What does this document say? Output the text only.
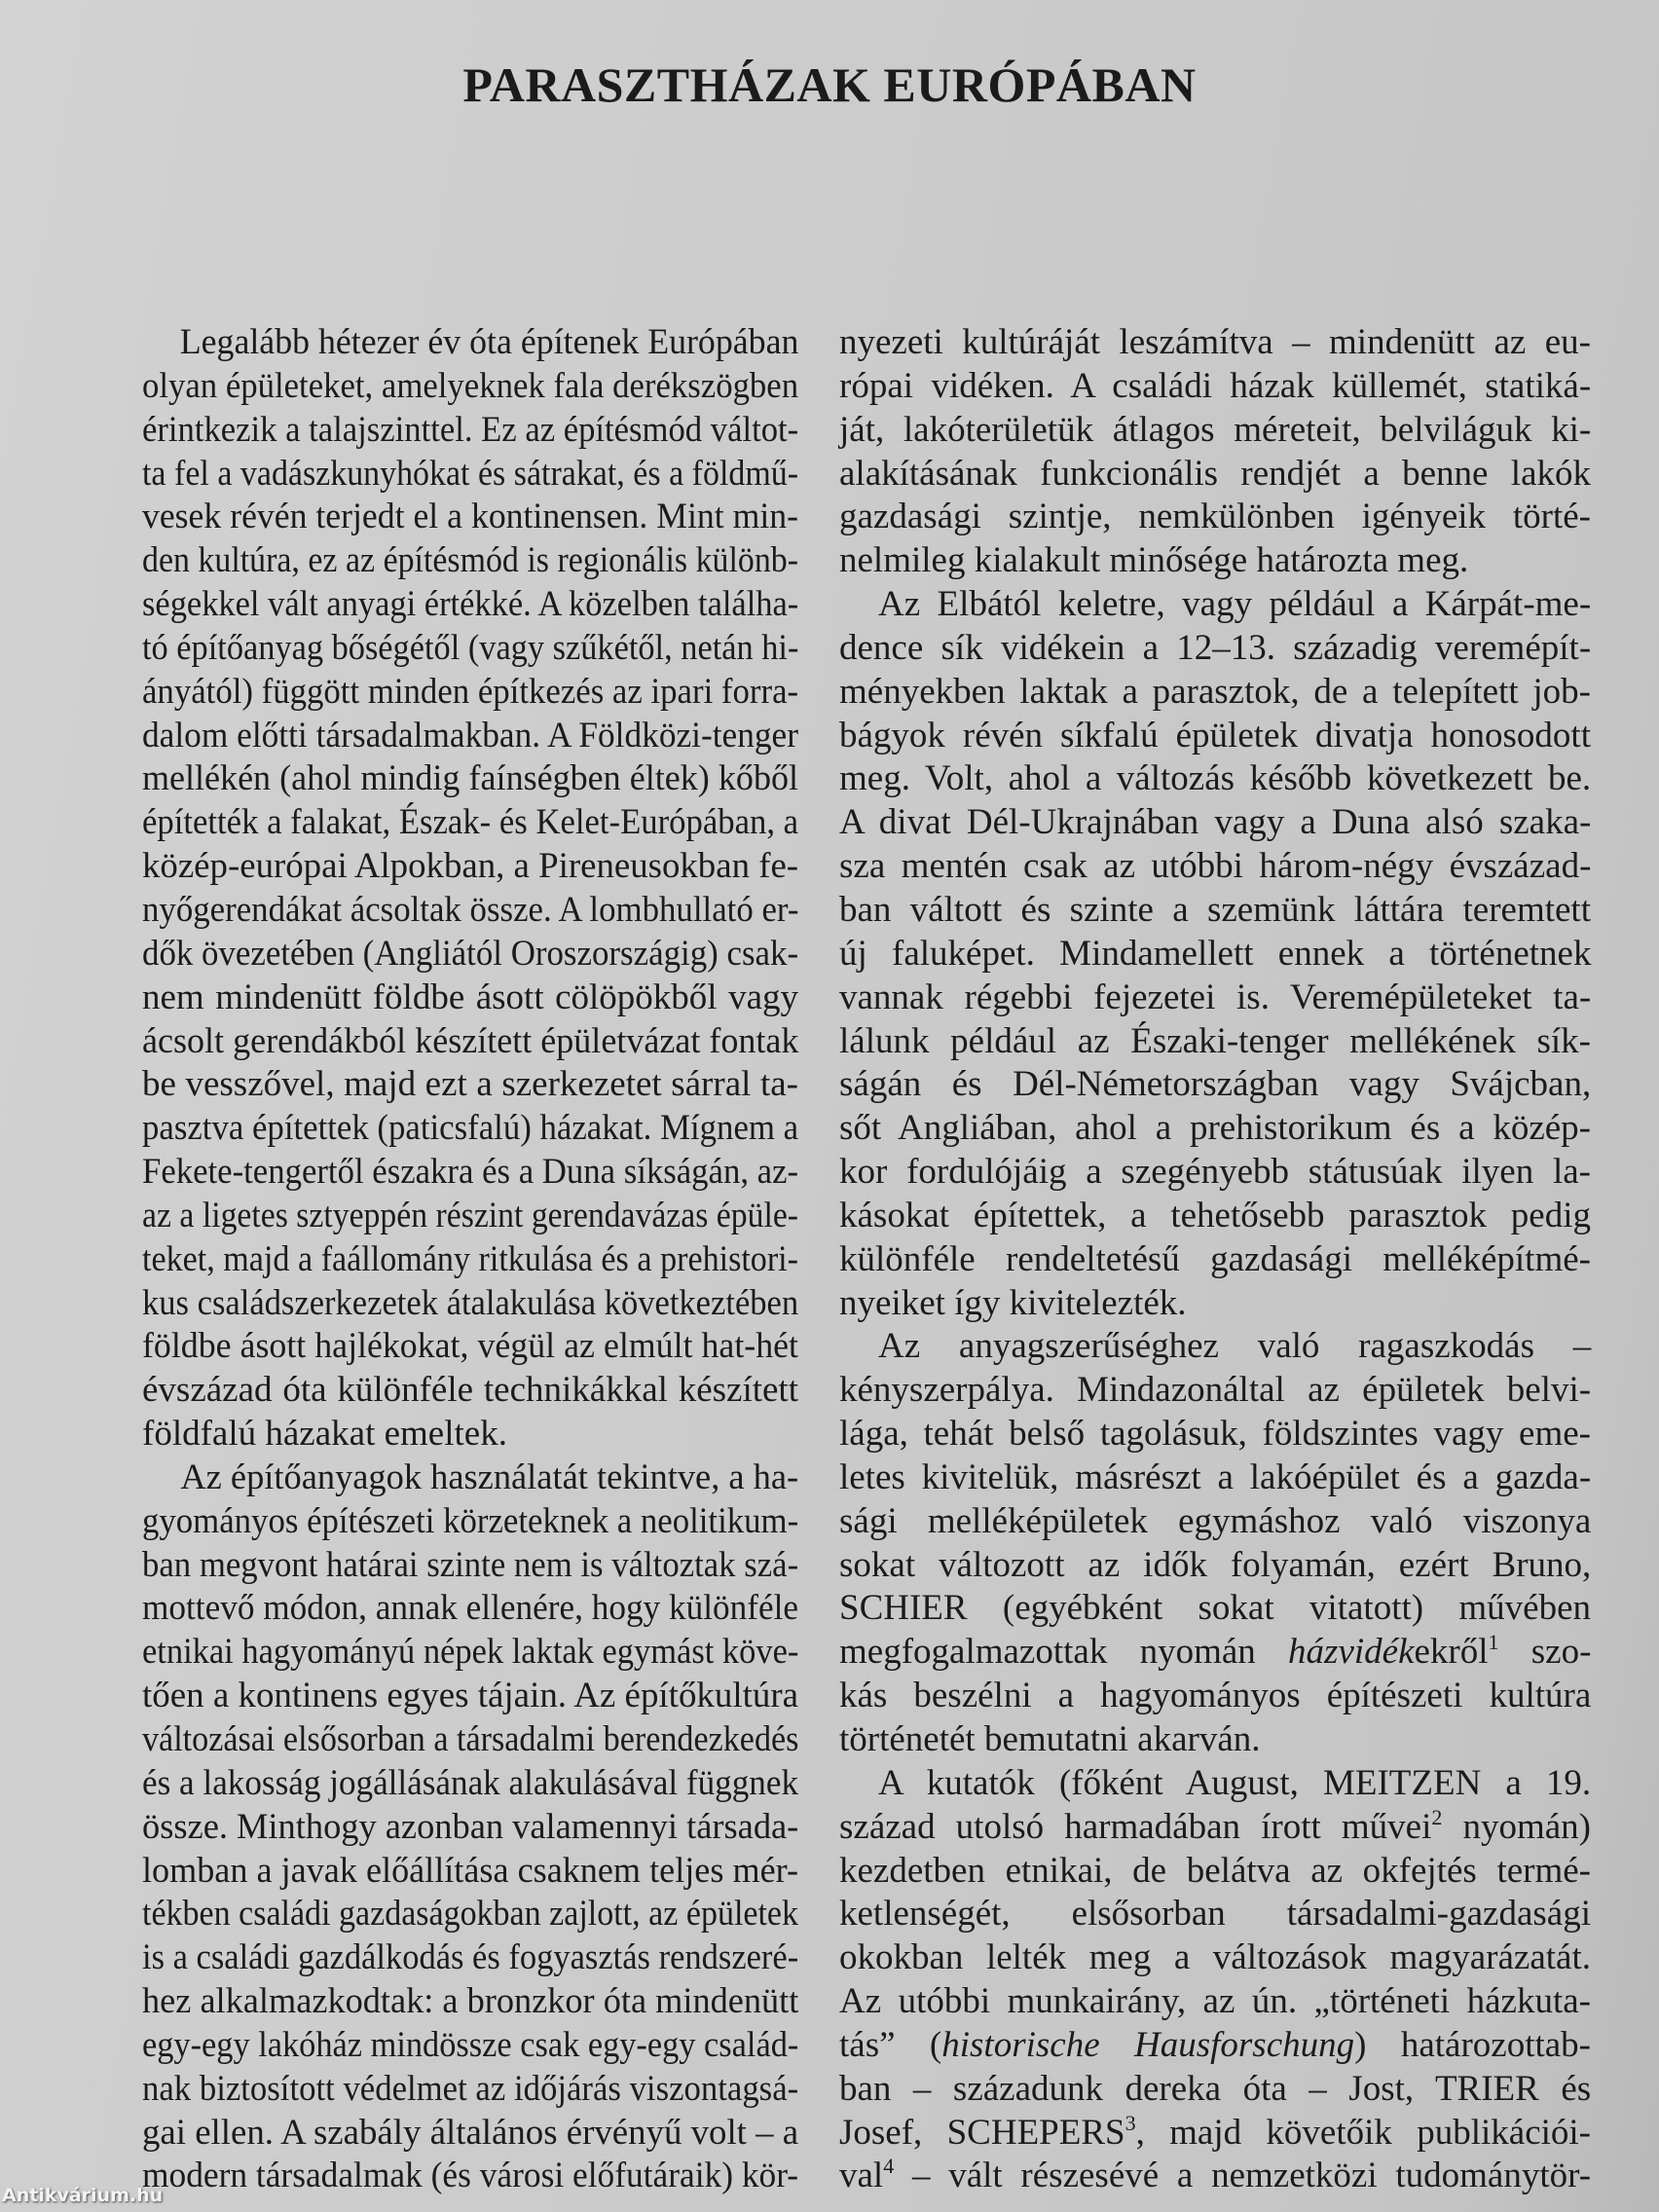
PARASZTHÁZAK EURÓPÁBAN
Legalább hétezer év óta építenek Európában
olyan épületeket, amelyeknek fala derékszögben
érintkezik a talajszinttel. Ez az építésmód váltot-
ta fel a vadászkunyhókat és sátrakat, és a földmű-
vesek révén terjedt el a kontinensen. Mint min-
den kultúra, ez az építésmód is regionális különb-
ségekkel vált anyagi értékké. A közelben találha-
tó építőanyag bőségétől (vagy szűkétől, netán hi-
ányától) függött minden építkezés az ipari forra-
dalom előtti társadalmakban. A Földközi-tenger
mellékén (ahol mindig faínségben éltek) kőből
építették a falakat, Észak- és Kelet-Európában, a
közép-európai Alpokban, a Pireneusokban fe-
nyőgerendákat ácsoltak össze. A lombhullató er-
dők övezetében (Angliától Oroszországig) csak-
nem mindenütt földbe ásott cölöpökből vagy
ácsolt gerendákból készített épületvázat fontak
be vesszővel, majd ezt a szerkezetet sárral ta-
pasztva építettek (paticsfalú) házakat. Mígnem a
Fekete-tengertől északra és a Duna síkságán, az-
az a ligetes sztyeppén részint gerendavázas épüle-
teket, majd a faállomány ritkulása és a prehistori-
kus családszerkezetek átalakulása következtében
földbe ásott hajlékokat, végül az elmúlt hat-hét
évszázad óta különféle technikákkal készített
földfalú házakat emeltek.
Az építőanyagok használatát tekintve, a ha-
gyományos építészeti körzeteknek a neolitikum-
ban megvont határai szinte nem is változtak szá-
mottevő módon, annak ellenére, hogy különféle
etnikai hagyományú népek laktak egymást köve-
tően a kontinens egyes tájain. Az építőkultúra
változásai elsősorban a társadalmi berendezkedés
és a lakosság jogállásának alakulásával függnek
össze. Minthogy azonban valamennyi társada-
lomban a javak előállítása csaknem teljes mér-
tékben családi gazdaságokban zajlott, az épületek
is a családi gazdálkodás és fogyasztás rendszeré-
hez alkalmazkodtak: a bronzkor óta mindenütt
egy-egy lakóház mindössze csak egy-egy család-
nak biztosított védelmet az időjárás viszontagsá-
gai ellen. A szabály általános érvényű volt – a
modern társadalmak (és városi előfutáraik) kör-
nyezeti kultúráját leszámítva – mindenütt az eu-
rópai vidéken. A családi házak küllemét, statiká-
ját, lakóterületük átlagos méreteit, belviláguk ki-
alakításának funkcionális rendjét a benne lakók
gazdasági szintje, nemkülönben igényeik törté-
nelmileg kialakult minősége határozta meg.
Az Elbától keletre, vagy például a Kárpát-me-
dence sík vidékein a 12–13. századig veremépít-
ményekben laktak a parasztok, de a telepített job-
bágyok révén síkfalú épületek divatja honosodott
meg. Volt, ahol a változás később következett be.
A divat Dél-Ukrajnában vagy a Duna alsó szaka-
sza mentén csak az utóbbi három-négy évszázad-
ban váltott és szinte a szemünk láttára teremtett
új faluképet. Mindamellett ennek a történetnek
vannak régebbi fejezetei is. Veremépületeket ta-
lálunk például az Északi-tenger mellékének sík-
ságán és Dél-Németországban vagy Svájcban,
sőt Angliában, ahol a prehistorikum és a közép-
kor fordulójáig a szegényebb státusúak ilyen la-
kásokat építettek, a tehetősebb parasztok pedig
különféle rendeltetésű gazdasági melléképítmé-
nyeiket így kivitelezték.
Az anyagszerűséghez való ragaszkodás –
kényszerpálya. Mindazonáltal az épületek belvi-
lága, tehát belső tagolásuk, földszintes vagy eme-
letes kivitelük, másrészt a lakóépület és a gazda-
sági melléképületek egymáshoz való viszonya
sokat változott az idők folyamán, ezért Bruno,
SCHIER (egyébként sokat vitatott) művében
megfogalmazottak nyomán házvidékekről$^1$ szo-
kás beszélni a hagyományos építészeti kultúra
történetét bemutatni akarván.
A kutatók (főként August, MEITZEN a 19.
század utolsó harmadában írott művei$^2$ nyomán)
kezdetben etnikai, de belátva az okfejtés termé-
ketlenségét, elsősorban társadalmi-gazdasági
okokban lelték meg a változások magyarázatát.
Az utóbbi munkairány, az ún. „történeti házkuta-
tás” (historische Hausforschung) határozottab-
ban – századunk dereka óta – Jost, TRIER és
Josef, SCHEPERS$^3$, majd követőik publikációi-
val$^4$ – vált részesévé a nemzetközi tudománytör-
Antikvárium.hu
